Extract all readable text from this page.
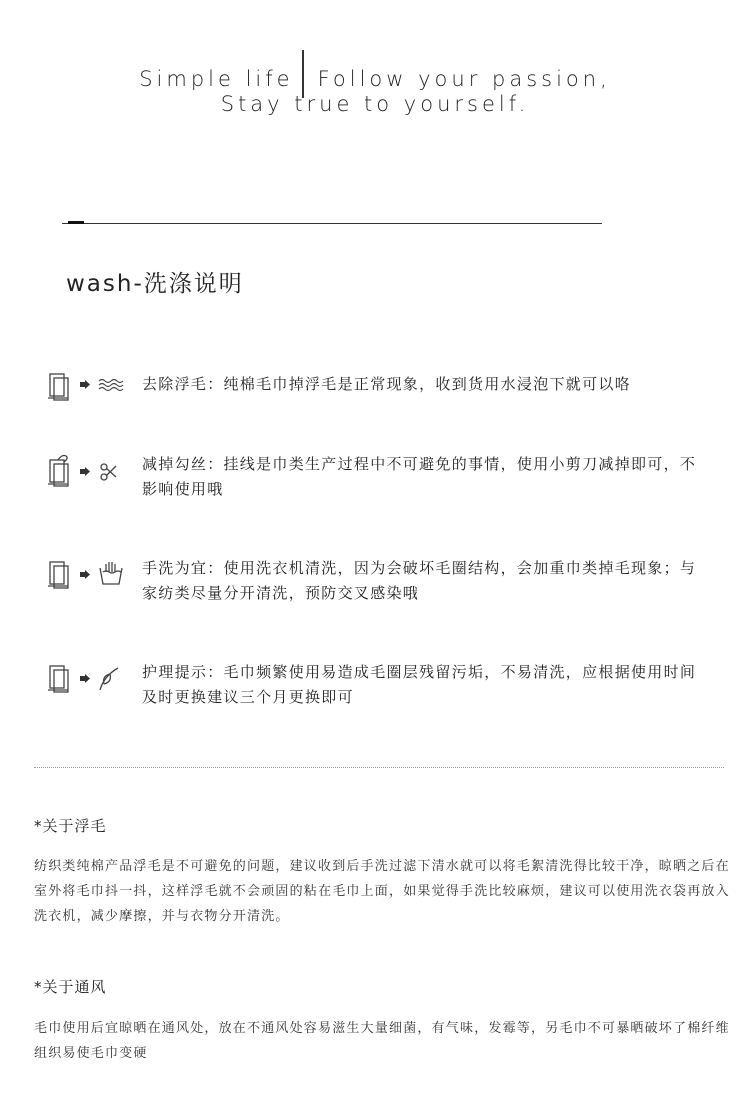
Simple life Follow your passion,
Stay true to yourself.
wash-洗涤说明
去除浮毛：纯棉毛巾掉浮毛是正常现象，收到货用水浸泡下就可以咯
减掉勾丝：挂线是巾类生产过程中不可避免的事情，使用小剪刀减掉即可，不影响使用哦
手洗为宜：使用洗衣机清洗，因为会破坏毛圈结构，会加重巾类掉毛现象；与家纺类尽量分开清洗，预防交叉感染哦
护理提示：毛巾频繁使用易造成毛圈层残留污垢，不易清洗，应根据使用时间及时更换建议三个月更换即可
*关于浮毛
纺织类纯棉产品浮毛是不可避免的问题，建议收到后手洗过滤下清水就可以将毛絮清洗得比较干净，晾晒之后在室外将毛巾抖一抖，这样浮毛就不会顽固的粘在毛巾上面，如果觉得手洗比较麻烦，建议可以使用洗衣袋再放入洗衣机，减少摩擦，并与衣物分开清洗。
*关于通风
毛巾使用后宜晾晒在通风处，放在不通风处容易滋生大量细菌，有气味，发霉等，另毛巾不可暴晒破坏了棉纤维组织易使毛巾变硬
